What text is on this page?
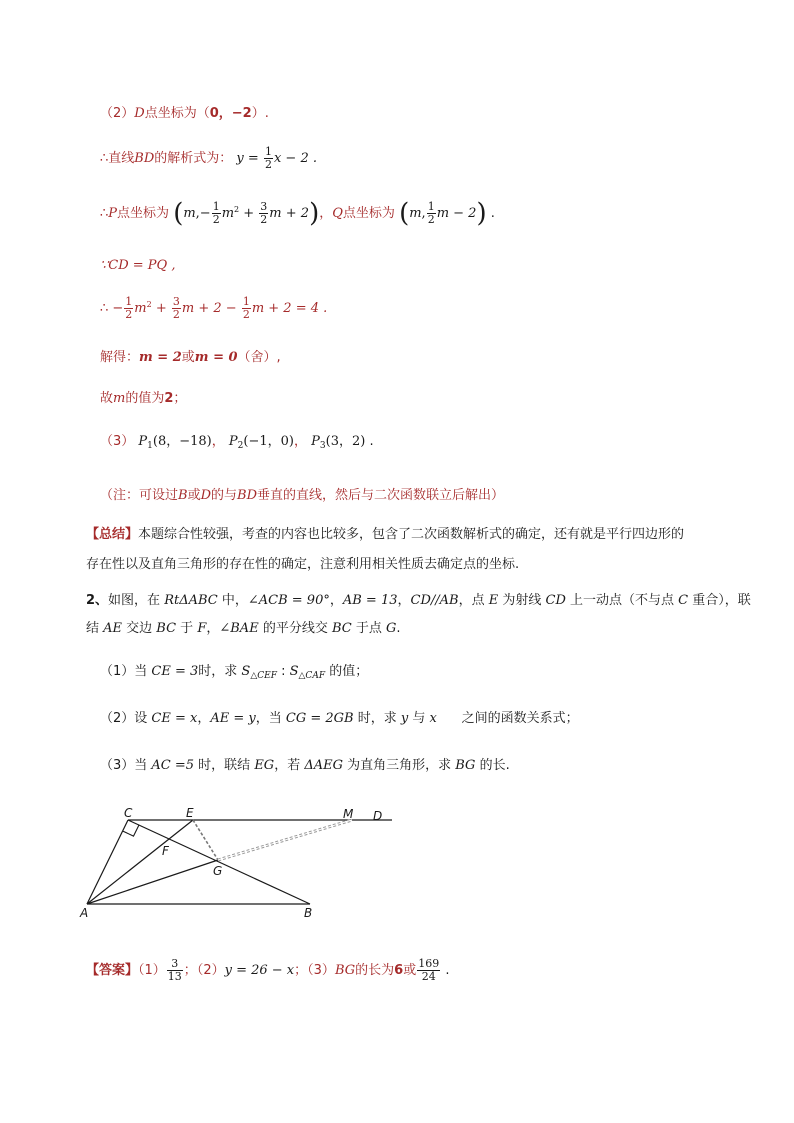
（2）D点坐标为（0，−2）.
∴直线BD的解析式为： $y = \frac{1}{2}$ x − 2 .
∴P点坐标为 ($m,- \frac{1}{2} m^2 + \frac{3}{2}$ m + 2)，Q点坐标为 (m, $\frac{1}{2}$ m − 2) .
∵CD = PQ ,
∴ − $\frac{1}{2} m^2 + \frac{3}{2}$ $m + 2 - \frac{1}{2}$ m + 2 = 4 .
解得：m = 2或m = 0（舍）,
故m的值为2；
（3） $P_1(8$，−18)， $P_2(-1$，0)， $P_3(3$，2) .
（注：可设过B或D的与BD垂直的直线，然后与二次函数联立后解出）
【总结】本题综合性较强，考查的内容也比较多，包含了二次函数解析式的确定，还有就是平行四边形的
存在性以及直角三角形的存在性的确定，注意利用相关性质去确定点的坐标.
2、如图，在 RtΔABC 中，∠ACB = 90°，AB = 13，CD//AB，点 E 为射线 CD 上一动点（不与点 C 重合），联
结 AE 交边 BC 于 F，∠BAE 的平分线交 BC 于点 G.
（1）当 CE = 3时，求 $S_{\triangle CEF}$ : $S_{\triangle CAF}$ 的值；
（2）设 CE = x，AE = y，当 CG = 2GB 时，求 y 与 x      之间的函数关系式；
（3）当 AC =5 时，联结 EG，若 ΔAEG 为直角三角形，求 BG 的长.
C	E	M D
F
G
A	B
【答案】$(1) \frac{3}{13}$ ；（2）y = 26 − x；（3）BG的长为6或 $\frac{169}{24}$ .
